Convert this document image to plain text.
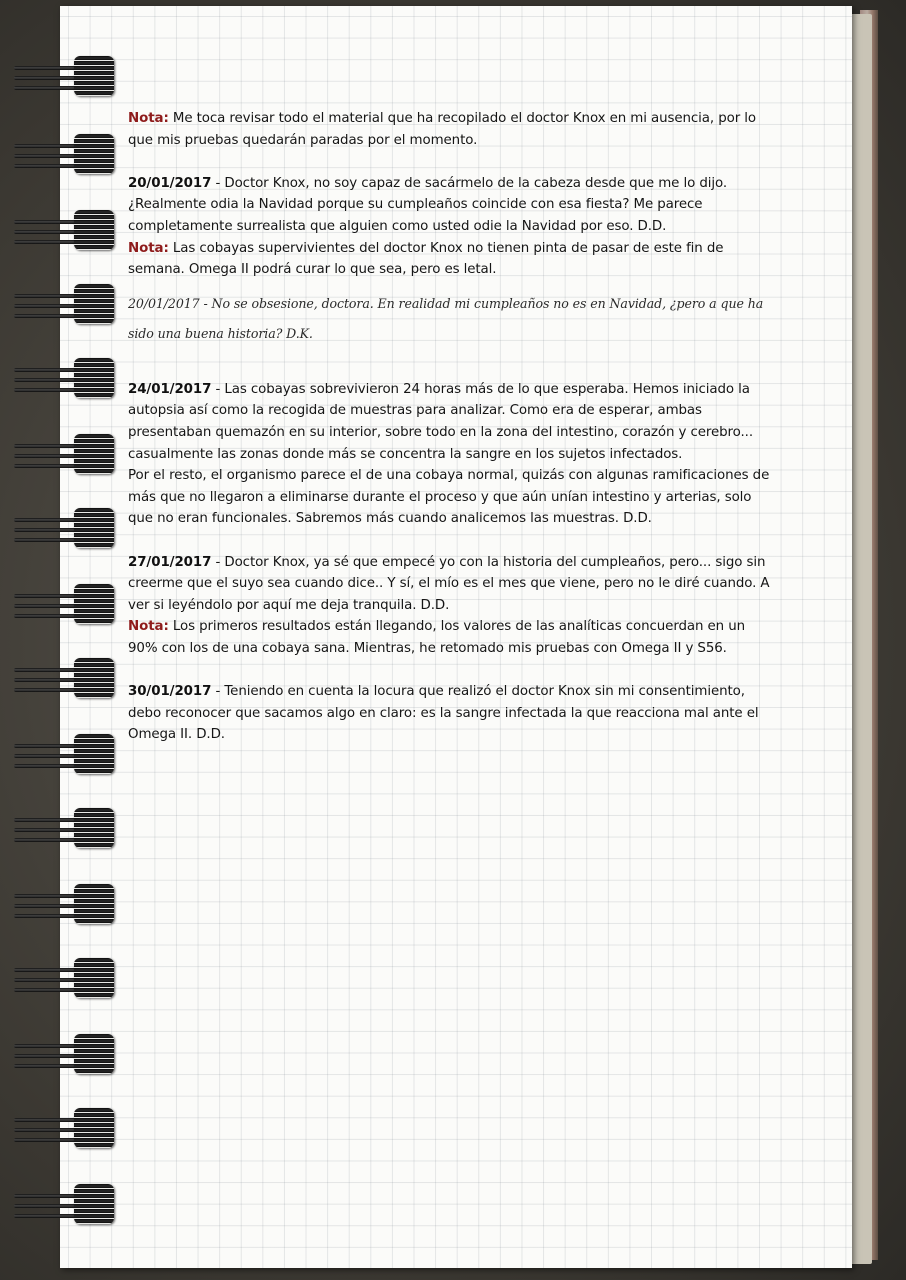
Nota: Me toca revisar todo el material que ha recopilado el doctor Knox en mi ausencia, por lo que mis pruebas quedarán paradas por el momento.

20/01/2017 - Doctor Knox, no soy capaz de sacármelo de la cabeza desde que me lo dijo. ¿Realmente odia la Navidad porque su cumpleaños coincide con esa fiesta? Me parece completamente surrealista que alguien como usted odie la Navidad por eso. D.D.
Nota: Las cobayas supervivientes del doctor Knox no tienen pinta de pasar de este fin de semana. Omega II podrá curar lo que sea, pero es letal.

20/01/2017 - No se obsesione, doctora. En realidad mi cumpleaños no es en Navidad, ¿pero a que ha sido una buena historia? D.K.

24/01/2017 - Las cobayas sobrevivieron 24 horas más de lo que esperaba. Hemos iniciado la autopsia así como la recogida de muestras para analizar. Como era de esperar, ambas presentaban quemazón en su interior, sobre todo en la zona del intestino, corazón y cerebro... casualmente las zonas donde más se concentra la sangre en los sujetos infectados.
Por el resto, el organismo parece el de una cobaya normal, quizás con algunas ramificaciones de más que no llegaron a eliminarse durante el proceso y que aún unían intestino y arterias, solo que no eran funcionales. Sabremos más cuando analicemos las muestras. D.D.

27/01/2017 - Doctor Knox, ya sé que empecé yo con la historia del cumpleaños, pero... sigo sin creerme que el suyo sea cuando dice.. Y sí, el mío es el mes que viene, pero no le diré cuando. A ver si leyéndolo por aquí me deja tranquila. D.D.
Nota: Los primeros resultados están llegando, los valores de las analíticas concuerdan en un 90% con los de una cobaya sana. Mientras, he retomado mis pruebas con Omega II y S56.

30/01/2017 - Teniendo en cuenta la locura que realizó el doctor Knox sin mi consentimiento, debo reconocer que sacamos algo en claro: es la sangre infectada la que reacciona mal ante el Omega II. D.D.
